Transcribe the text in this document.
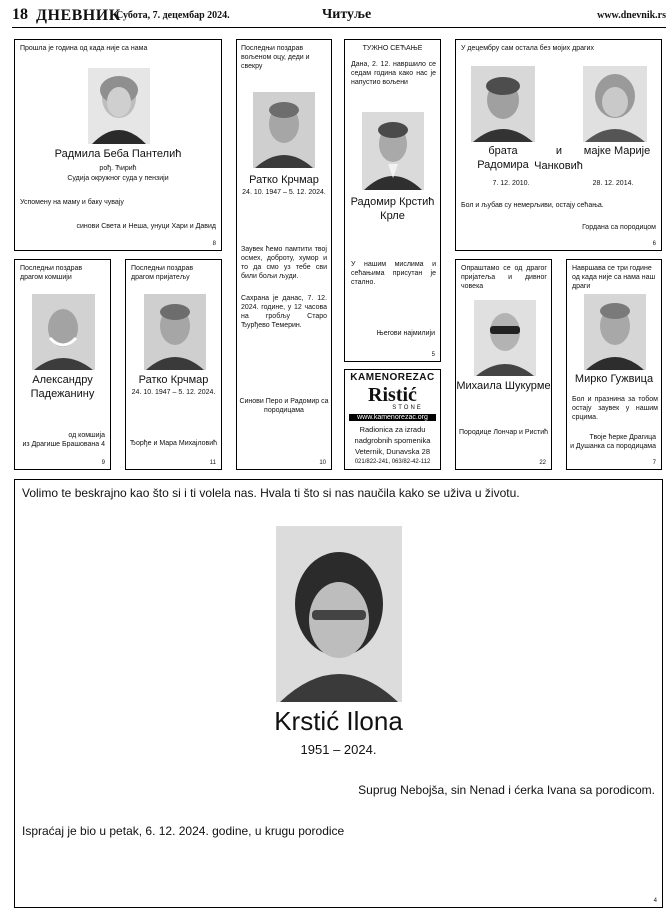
18 ДНЕВНИК
Субота, 7. децембар 2024.	Читуље	www.dnevnik.rs
Прошла је година од када није са нама
Радмила Беба Пантелић
рођ. Ћирић
Судија окружног суда у пензији
Успомену на маму и баку чувају
синови Света и Неша, унуци Хари и Давид
8
Последњи поздрав вољеном оцу, деди и свекру
Ратко Крчмар
24. 10. 1947 – 5. 12. 2024.
Заувек ћемо памтити твој осмех, доброту, хумор и то да смо уз тебе сви били бољи људи.
Сахрана је данас, 7. 12. 2024. године, у 12 часова на гробљу Старо Ђурђево Темерин.
Синови Перо и Радомир са породицама
10
ТУЖНО СЕЋАЊЕ
Дана, 2. 12. навршило се седам година како нас је напустио вољени
Радомир Крстић Крле
У нашим мислима и сећањима присутан је стално.
Његови најмилији
5
У децембру сам остала без мојих драгих
брата Радомира
и	мајке Марије
Чанковић
7. 12. 2010.	28. 12. 2014.
Бол и љубав су немерљиви, остају сећања.
Гордана са породицом
6
Последњи поздрав драгом комшији
Александру Падежанину
од комшија
из Драгише Брашована 4
9
Последњи поздрав драгом пријатељу
Ратко Крчмар
24. 10. 1947 – 5. 12. 2024.
Ђорђе и Мара Михајловић
11
KAMENOREZAC
Ristić
STONE
www.kamenorezac.org
Radionica za izradu
nadgrobnih spomenika
Veternik, Dunavska 28
021/822-241, 063/82-42-112
Опраштамо се од драгог пријатеља и дивног човека
Михаила Шукурме
Породице Лончар и Ристић
22
Навршава се три године од када није са нама наш драги
Мирко Гужвица
Бол и празнина за тобом остају заувек у нашим срцима.
Твоје ћерке Драгица
и Душанка са породицама
7
Volimo te beskrajno kao što si i ti volela nas. Hvala ti što si nas naučila kako se uživa u životu.
Krstić Ilona
1951 – 2024.
Suprug Nebojša, sin Nenad i ćerka Ivana sa porodicom.
Ispraćaj je bio u petak, 6. 12. 2024. godine, u krugu porodice
4
